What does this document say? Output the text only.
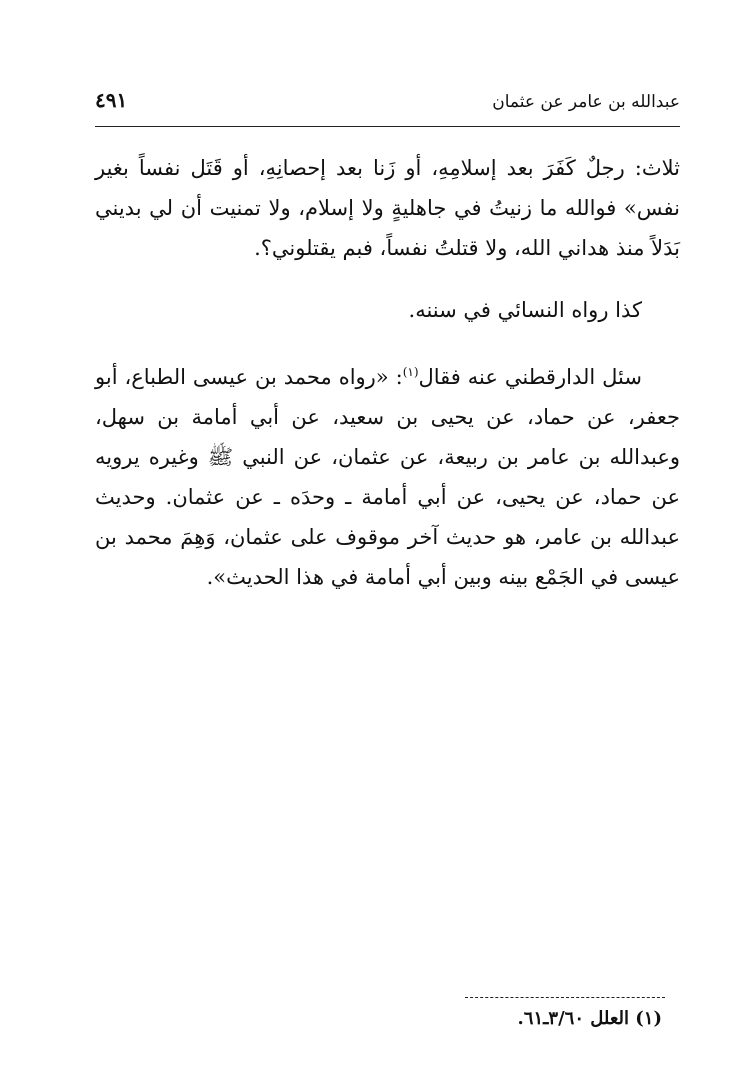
٤٩١	عبدالله بن عامر عن عثمان

ثلاث: رجلٌ كَفَرَ بعد إسلامِهِ، أو زَنا بعد إحصانِهِ، أو قَتَل نفساً بغير نفس» فوالله ما زنيتُ في جاهليةٍ ولا إسلام، ولا تمنيت أن لي بديني بَدَلاً منذ هداني الله، ولا قتلتُ نفساً، فبم يقتلوني؟.

كذا رواه النسائي في سننه.

سئل الدارقطني عنه فقال$^{(١)}$: «رواه محمد بن عيسى الطباع، أبو جعفر، عن حماد، عن يحيى بن سعيد، عن أبي أمامة بن سهل، وعبدالله بن عامر بن ربيعة، عن عثمان، عن النبي ﷺ وغيره يرويه عن حماد، عن يحيى، عن أبي أمامة ـ وحدَه ـ عن عثمان. وحديث عبدالله بن عامر، هو حديث آخر موقوف على عثمان، وَهِمَ محمد بن عيسى في الجَمْع بينه وبين أبي أمامة في هذا الحديث».

(١) العلل ٣/٦٠ـ٦١.
